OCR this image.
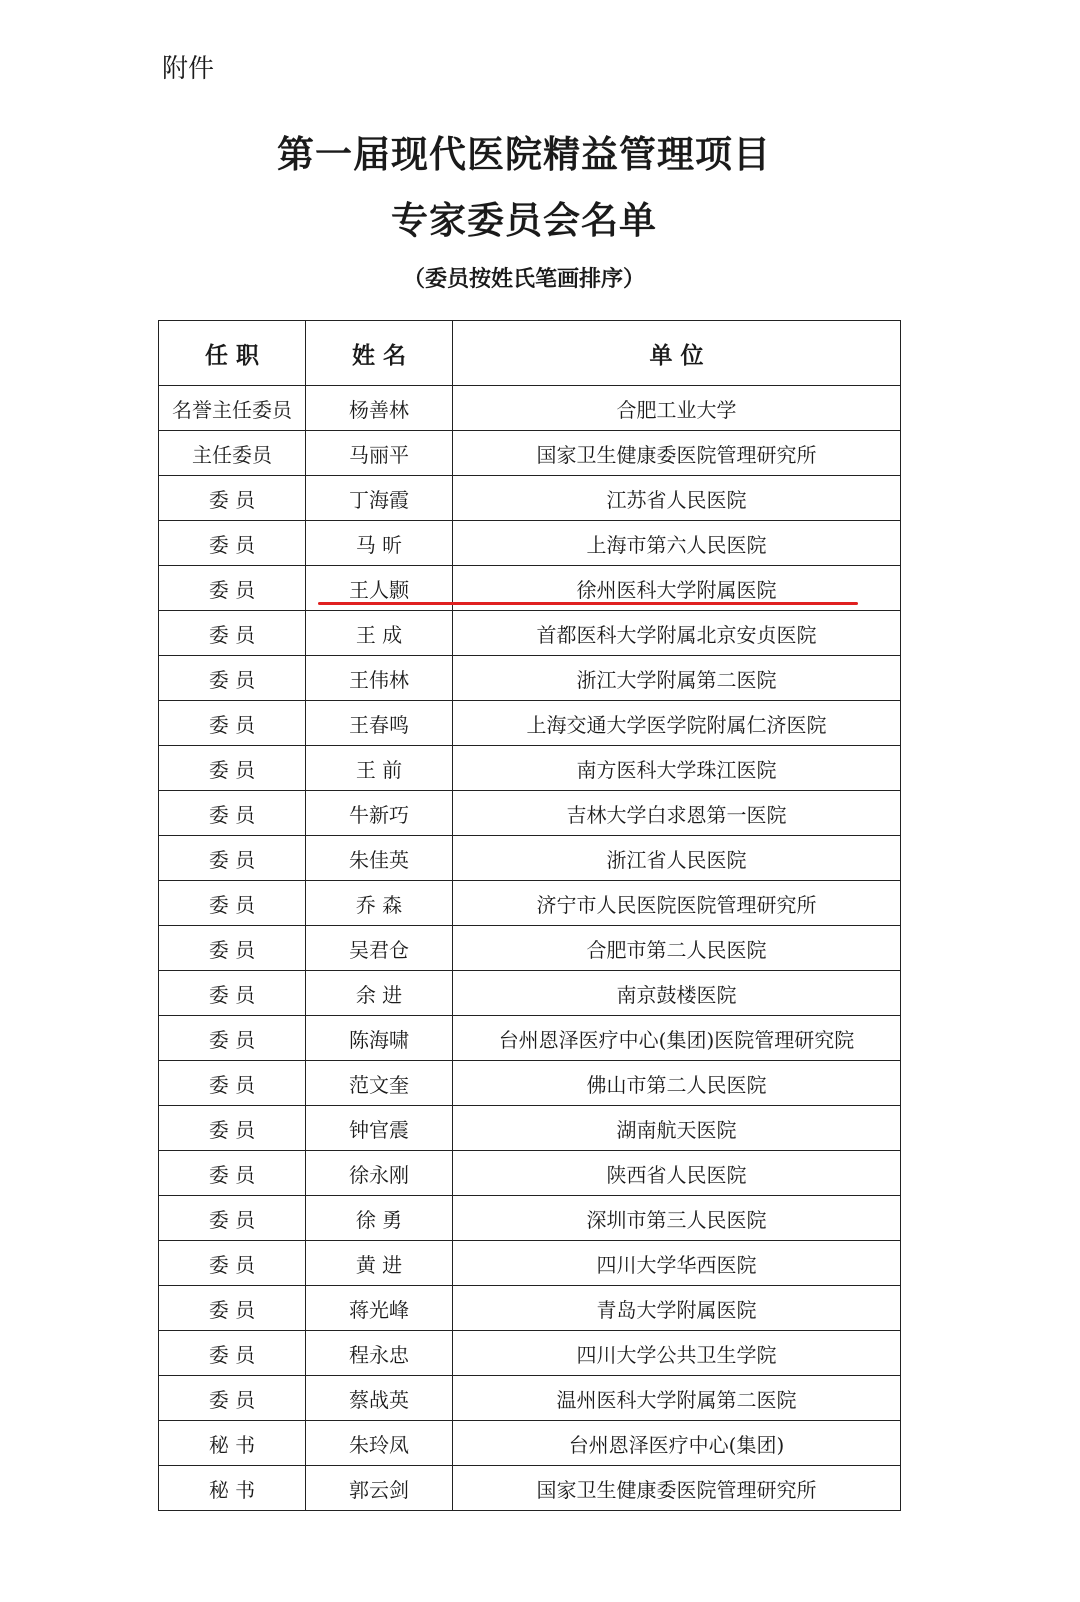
附件
第一届现代医院精益管理项目
专家委员会名单
（委员按姓氏笔画排序）
任 职	姓 名	单 位
名誉主任委员	杨善林	合肥工业大学
主任委员	马丽平	国家卫生健康委医院管理研究所
委 员	丁海霞	江苏省人民医院
委 员	马 昕	上海市第六人民医院
委 员	王人颢	徐州医科大学附属医院
委 员	王 成	首都医科大学附属北京安贞医院
委 员	王伟林	浙江大学附属第二医院
委 员	王春鸣	上海交通大学医学院附属仁济医院
委 员	王 前	南方医科大学珠江医院
委 员	牛新巧	吉林大学白求恩第一医院
委 员	朱佳英	浙江省人民医院
委 员	乔 森	济宁市人民医院医院管理研究所
委 员	吴君仓	合肥市第二人民医院
委 员	余 进	南京鼓楼医院
委 员	陈海啸	台州恩泽医疗中心(集团)医院管理研究院
委 员	范文奎	佛山市第二人民医院
委 员	钟官震	湖南航天医院
委 员	徐永刚	陕西省人民医院
委 员	徐 勇	深圳市第三人民医院
委 员	黄 进	四川大学华西医院
委 员	蒋光峰	青岛大学附属医院
委 员	程永忠	四川大学公共卫生学院
委 员	蔡战英	温州医科大学附属第二医院
秘 书	朱玲凤	台州恩泽医疗中心(集团)
秘 书	郭云剑	国家卫生健康委医院管理研究所
